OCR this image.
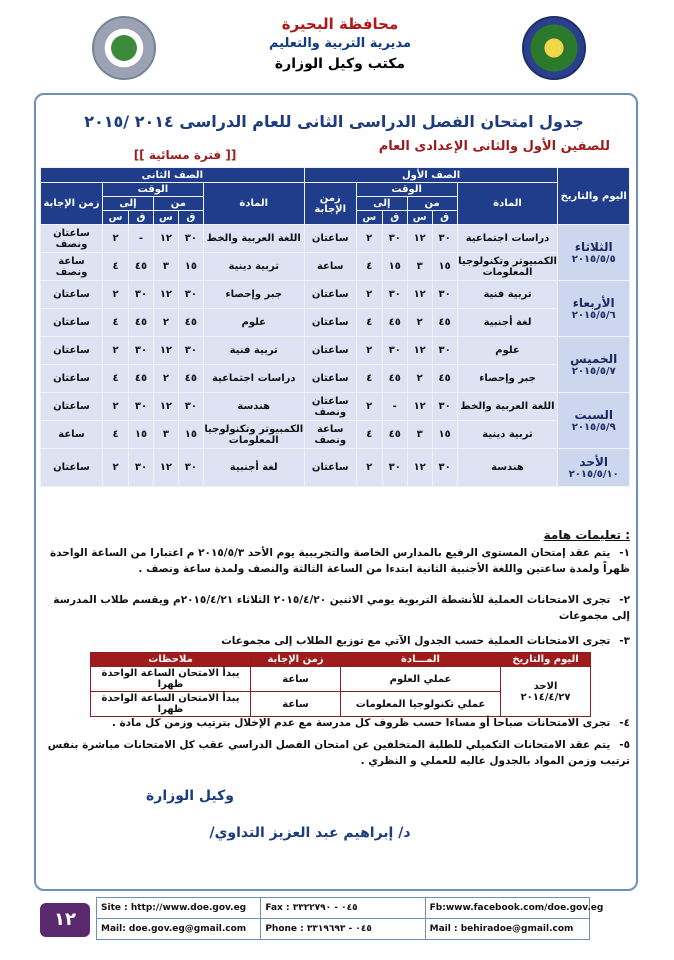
محافظة البحيرة
مديرية التربية والتعليم
مكتب وكيل الوزارة
جدول امتحان الفصل الدراسى الثانى للعام الدراسى ٢٠١٤ /٢٠١٥
للصفين الأول والثانى الإعدادى العام
[[ فترة مسائية ]]
اليوم والتاريخ	الصف الأول						الصف الثانى					
	المادة	الوقت				زمن الإجابة	المادة	الوقت				زمن الإجابة
		من		إلى				من		إلى		
		ق	س	ق	س			ق	س	ق	س	

الثلاثاء
٢٠١٥/٥/٥	دراسات اجتماعية	٣٠	١٢	٣٠	٢	ساعتان	اللغة العربية والخط	٣٠	١٢	-	٢	ساعتان ونصف
	الكمبيوتر وتكنولوجيا المعلومات	١٥	٣	١٥	٤	ساعة	تربية دينية	١٥	٣	٤٥	٤	ساعة ونصف

الأربعاء
٢٠١٥/٥/٦	تربية فنية	٣٠	١٢	٣٠	٢	ساعتان	جبر وإحصاء	٣٠	١٢	٣٠	٢	ساعتان
	لغة أجنبية	٤٥	٢	٤٥	٤	ساعتان	علوم	٤٥	٢	٤٥	٤	ساعتان

الخميس
٢٠١٥/٥/٧	علوم	٣٠	١٢	٣٠	٢	ساعتان	تربية فنية	٣٠	١٢	٣٠	٢	ساعتان
	جبر وإحصاء	٤٥	٢	٤٥	٤	ساعتان	دراسات اجتماعية	٤٥	٢	٤٥	٤	ساعتان

السبت
٢٠١٥/٥/٩	اللغة العربية والخط	٣٠	١٢	-	٢	ساعتان ونصف	هندسة	٣٠	١٢	٣٠	٢	ساعتان
	تربية دينية	١٥	٣	٤٥	٤	ساعة ونصف	الكمبيوتر وتكنولوجيا المعلومات	١٥	٣	١٥	٤	ساعة

الأحد
٢٠١٥/٥/١٠	هندسة	٣٠	١٢	٣٠	٢	ساعتان	لغة أجنبية	٣٠	١٢	٣٠	٢	ساعتان
تعليمات هامة :
١- يتم عقد إمتحان المستوى الرفيع بالمدارس الخاصة والتجريبية يوم الأحد ٢٠١٥/٥/٣ م اعتبارا من الساعة الواحدة ظهراً ولمدة ساعتين واللغة الأجنبية الثانية ابتدءا من الساعة الثالثة والنصف ولمدة ساعة ونصف .
٢- تجرى الامتحانات العملية للأنشطة التربوية يومي الاثنين ٢٠١٥/٤/٢٠ الثلاثاء ٢٠١٥/٤/٢١م ويقسم طلاب المدرسة إلى مجموعات
٣- تجرى الامتحانات العملية حسب الجدول الآتي مع توزيع الطلاب إلى مجموعات
اليوم والتاريخ	المـــادة	زمن الإجابة	ملاحظات

الاحد
٢٠١٤/٤/٢٧	عملي العلوم	ساعة	يبدأ الامتحان الساعة الواحدة ظهرا
	عملي تكنولوجيا المعلومات	ساعة	يبدأ الامتحان الساعة الواحدة ظهرا
٤- تجرى الامتحانات صباحا أو مساءا حسب ظروف كل مدرسة مع عدم الإخلال بترتيب وزمن كل مادة .
٥- يتم عقد الامتحانات التكميلي للطلبة المتخلفين عن امتحان الفصل الدراسي عقب كل الامتحانات مباشرة بنفس ترتيب وزمن المواد بالجدول عاليه للعملي و النظري .
وكيل الوزارة
/د/ إبراهيم عبد العزيز التداوي
١٢
Site : http://www.doe.gov.eg	Fax : ٠٤٥ - ٣٣٢٢٧٩٠	Fb:www.facebook.com/doe.gov.eg
Mail: doe.gov.eg@gmail.com	Phone : ٠٤٥ - ٣٣١٩٦٩٣	Mail : behiradoe@gmail.com
